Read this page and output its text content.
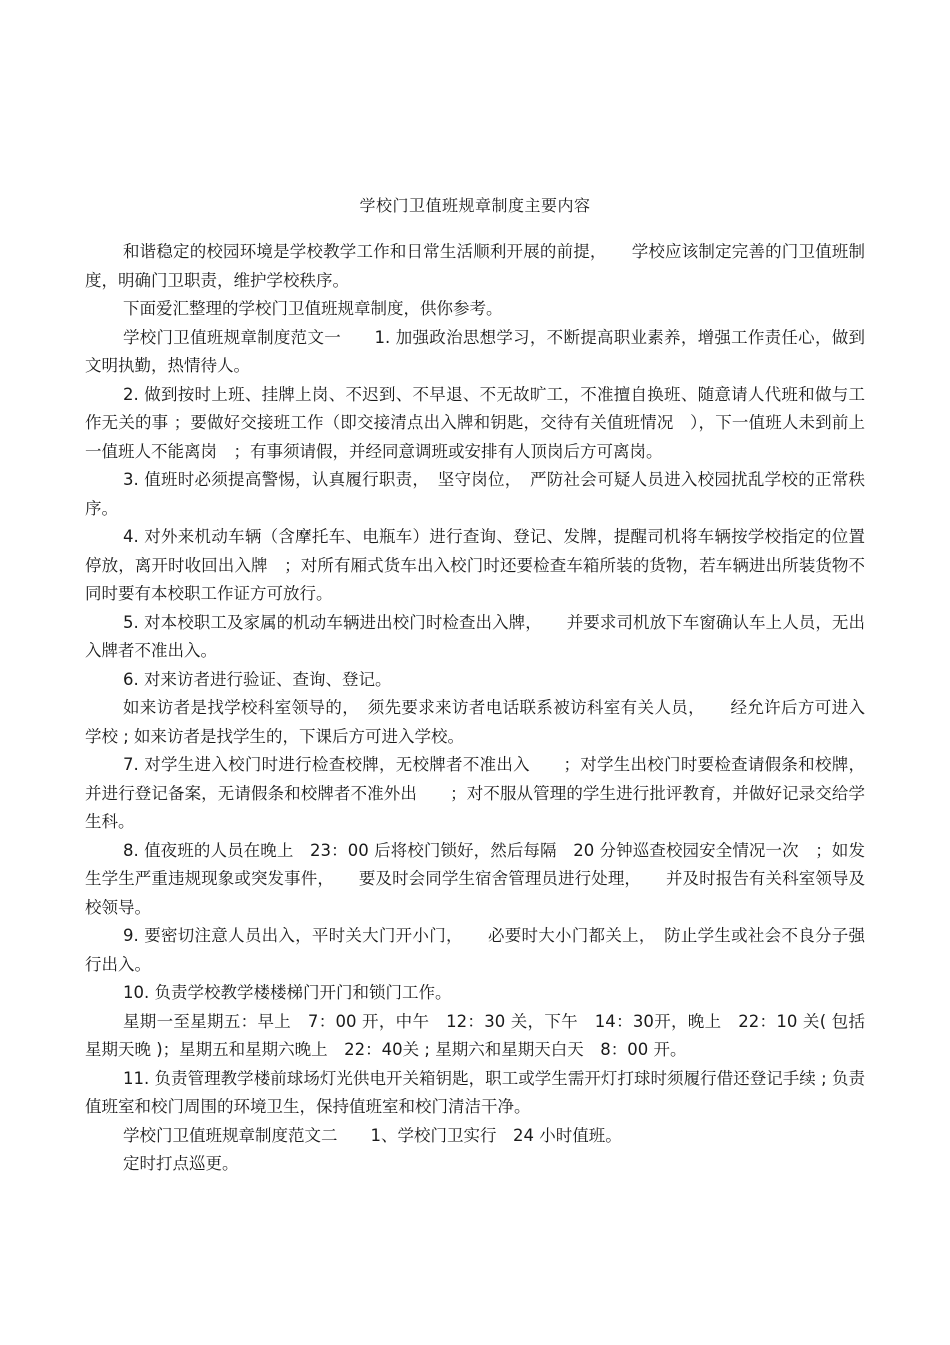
学校门卫值班规章制度主要内容

和谐稳定的校园环境是学校教学工作和日常生活顺利开展的前提，　　学校应该制定完善的门卫值班制度，明确门卫职责，维护学校秩序。

下面爱汇整理的学校门卫值班规章制度，供你参考。

学校门卫值班规章制度范文一　　1. 加强政治思想学习，不断提高职业素养，增强工作责任心，做到文明执勤，热情待人。

2. 做到按时上班、挂牌上岗、不迟到、不早退、不无故旷工，不准擅自换班、随意请人代班和做与工作无关的事 ；要做好交接班工作（即交接清点出入牌和钥匙，交待有关值班情况　），下一值班人未到前上一值班人不能离岗　；有事须请假，并经同意调班或安排有人顶岗后方可离岗。

3. 值班时必须提高警惕，认真履行职责，　坚守岗位，　严防社会可疑人员进入校园扰乱学校的正常秩序。

4. 对外来机动车辆（含摩托车、电瓶车）进行查询、登记、发牌，提醒司机将车辆按学校指定的位置停放，离开时收回出入牌　；对所有厢式货车出入校门时还要检查车箱所装的货物，若车辆进出所装货物不同时要有本校职工作证方可放行。

5. 对本校职工及家属的机动车辆进出校门时检查出入牌，　　并要求司机放下车窗确认车上人员，无出入牌者不准出入。

6. 对来访者进行验证、查询、登记。

如来访者是找学校科室领导的，　须先要求来访者电话联系被访科室有关人员，　　经允许后方可进入学校 ; 如来访者是找学生的，下课后方可进入学校。

7. 对学生进入校门时进行检查校牌，无校牌者不准出入　　；对学生出校门时要检查请假条和校牌，并进行登记备案，无请假条和校牌者不准外出　　；对不服从管理的学生进行批评教育，并做好记录交给学生科。

8. 值夜班的人员在晚上　23：00 后将校门锁好，然后每隔　20 分钟巡查校园安全情况一次　；如发生学生严重违规现象或突发事件，　　要及时会同学生宿舍管理员进行处理，　　并及时报告有关科室领导及校领导。

9. 要密切注意人员出入，平时关大门开小门，　　必要时大小门都关上，　防止学生或社会不良分子强行出入。

10. 负责学校教学楼楼梯门开门和锁门工作。

星期一至星期五：早上　7：00 开，中午　12：30 关，下午　14：30开，晚上　22：10 关( 包括星期天晚 )；星期五和星期六晚上　22：40关 ; 星期六和星期天白天　8：00 开。

11. 负责管理教学楼前球场灯光供电开关箱钥匙，职工或学生需开灯打球时须履行借还登记手续 ; 负责值班室和校门周围的环境卫生，保持值班室和校门清洁干净。

学校门卫值班规章制度范文二　　1、学校门卫实行　24 小时值班。

定时打点巡更。
